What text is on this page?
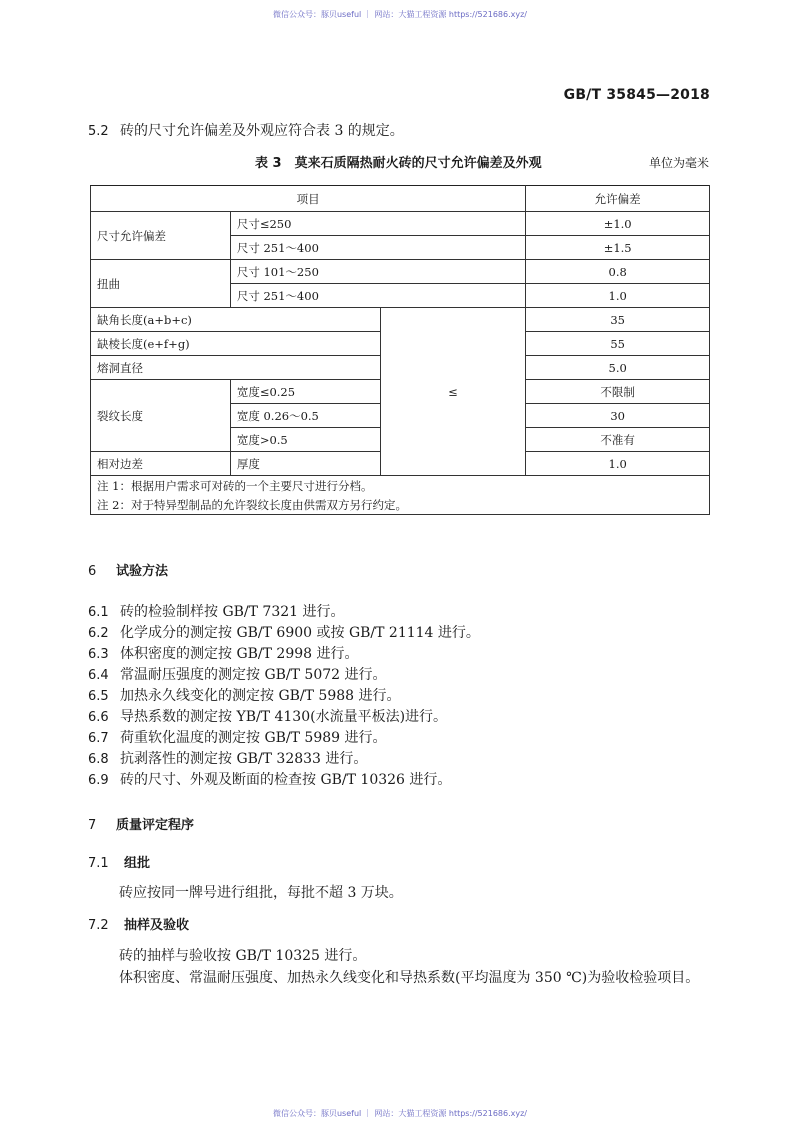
微信公众号：豚贝useful ｜ 网站：大猫工程资源 https://521686.xyz/
GB/T 35845—2018
5.2 砖的尺寸允许偏差及外观应符合表 3 的规定。
表 3　莫来石质隔热耐火砖的尺寸允许偏差及外观	单位为毫米
项目			允许偏差
尺寸允许偏差	尺寸≤250		±1.0
	尺寸 251～400		±1.5
扭曲	尺寸 101～250		0.8
	尺寸 251～400		1.0
缺角长度(a+b+c)		≤	35
缺棱长度(e+f+g)			55
熔洞直径			5.0
裂纹长度	宽度≤0.25		不限制
	宽度 0.26～0.5		30
	宽度>0.5		不准有
相对边差	厚度		1.0
注 1：根据用户需求可对砖的一个主要尺寸进行分档。			
注 2：对于特异型制品的允许裂纹长度由供需双方另行约定。			
6 试验方法
6.1 砖的检验制样按 GB/T 7321 进行。
6.2 化学成分的测定按 GB/T 6900 或按 GB/T 21114 进行。
6.3 体积密度的测定按 GB/T 2998 进行。
6.4 常温耐压强度的测定按 GB/T 5072 进行。
6.5 加热永久线变化的测定按 GB/T 5988 进行。
6.6 导热系数的测定按 YB/T 4130(水流量平板法)进行。
6.7 荷重软化温度的测定按 GB/T 5989 进行。
6.8 抗剥落性的测定按 GB/T 32833 进行。
6.9 砖的尺寸、外观及断面的检查按 GB/T 10326 进行。
7 质量评定程序
7.1 组批
砖应按同一牌号进行组批，每批不超 3 万块。
7.2 抽样及验收
砖的抽样与验收按 GB/T 10325 进行。
体积密度、常温耐压强度、加热永久线变化和导热系数(平均温度为 350 ℃)为验收检验项目。
微信公众号：豚贝useful ｜ 网站：大猫工程资源 https://521686.xyz/
